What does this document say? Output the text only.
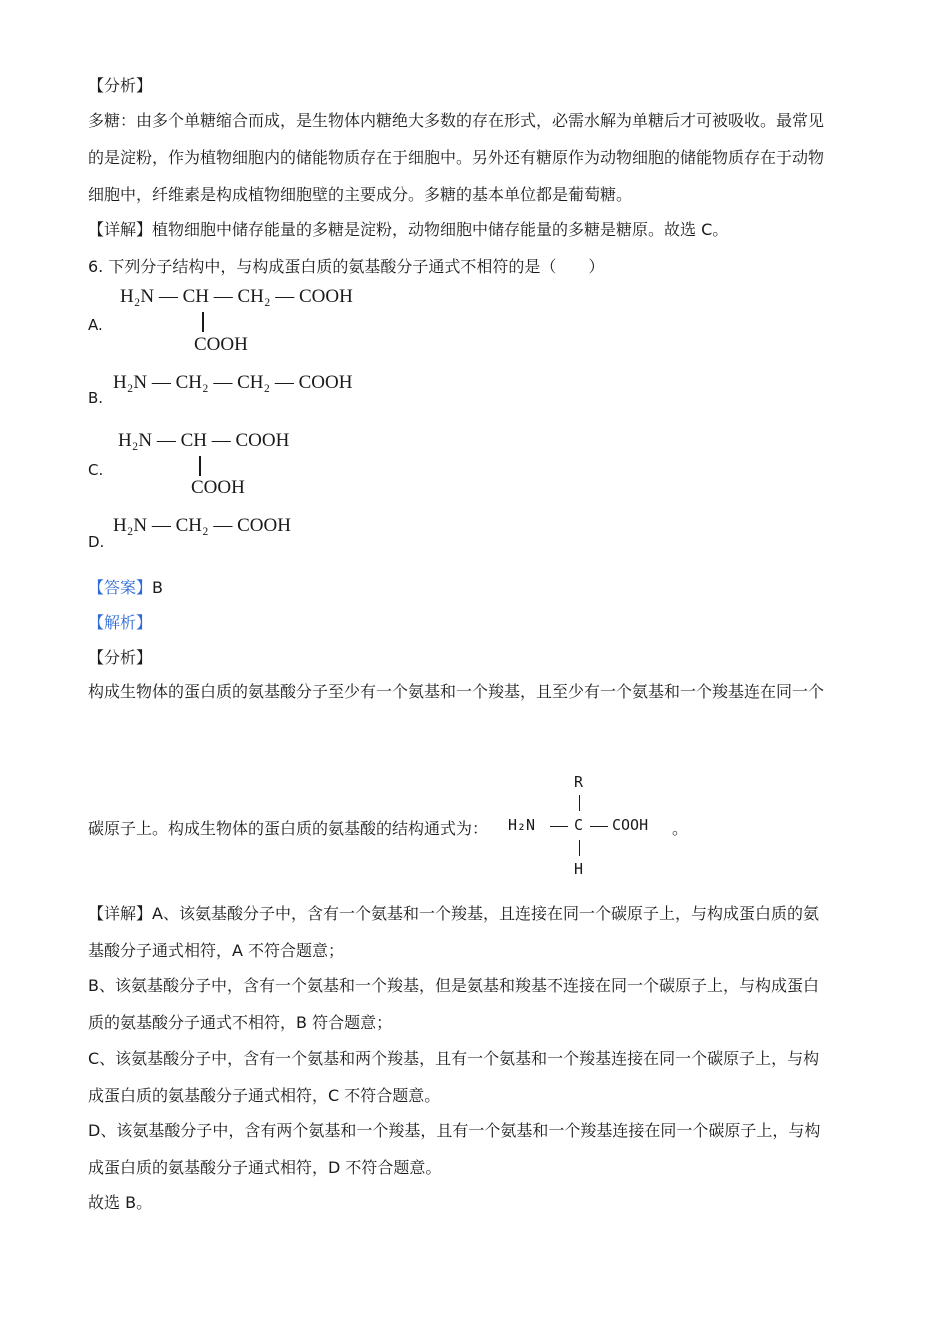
【分析】
多糖：由多个单糖缩合而成，是生物体内糖绝大多数的存在形式，必需水解为单糖后才可被吸收。最常见
的是淀粉，作为植物细胞内的储能物质存在于细胞中。另外还有糖原作为动物细胞的储能物质存在于动物
细胞中，纤维素是构成植物细胞壁的主要成分。多糖的基本单位都是葡萄糖。
【详解】植物细胞中储存能量的多糖是淀粉，动物细胞中储存能量的多糖是糖原。故选 C。
6. 下列分子结构中，与构成蛋白质的氨基酸分子通式不相符的是（　　）
A.
H₂N — CH — CH₂ — COOH
COOH
B.
H₂N — CH₂ — CH₂ — COOH
C.
H₂N — CH — COOH
COOH
D.
H₂N — CH₂ — COOH
【答案】B
【解析】
【分析】
构成生物体的蛋白质的氨基酸分子至少有一个氨基和一个羧基，且至少有一个氨基和一个羧基连在同一个
碳原子上。构成生物体的蛋白质的氨基酸的结构通式为：
R
H₂N	C COOH 。
H
【详解】A、该氨基酸分子中，含有一个氨基和一个羧基，且连接在同一个碳原子上，与构成蛋白质的氨
基酸分子通式相符，A 不符合题意；
B、该氨基酸分子中，含有一个氨基和一个羧基，但是氨基和羧基不连接在同一个碳原子上，与构成蛋白
质的氨基酸分子通式不相符，B 符合题意；
C、该氨基酸分子中，含有一个氨基和两个羧基，且有一个氨基和一个羧基连接在同一个碳原子上，与构
成蛋白质的氨基酸分子通式相符，C 不符合题意。
D、该氨基酸分子中，含有两个氨基和一个羧基，且有一个氨基和一个羧基连接在同一个碳原子上，与构
成蛋白质的氨基酸分子通式相符，D 不符合题意。
故选 B。
